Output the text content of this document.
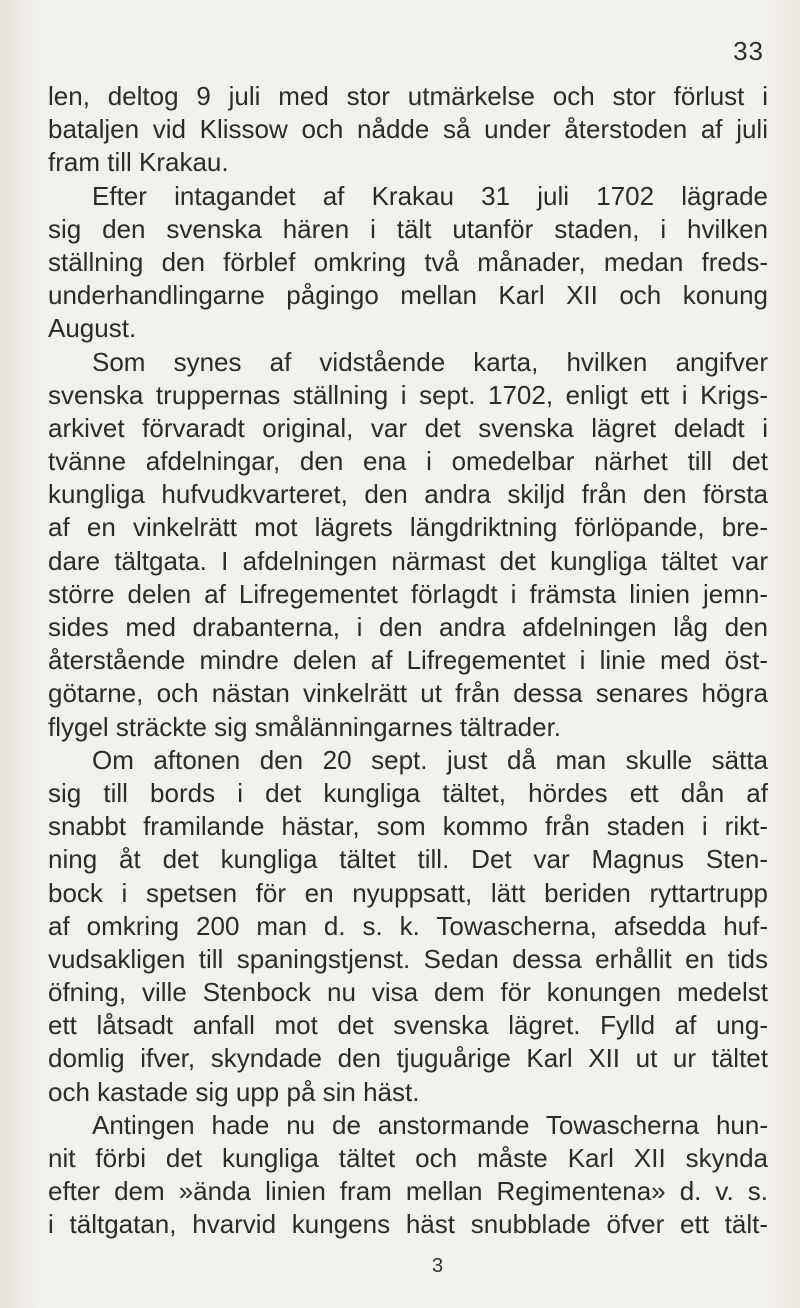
33
len, deltog 9 juli med stor utmärkelse och stor förlust i
bataljen vid Klissow och nådde så under återstoden af juli
fram till Krakau.
Efter intagandet af Krakau 31 juli 1702 lägrade
sig den svenska hären i tält utanför staden, i hvilken
ställning den förblef omkring två månader, medan freds-
underhandlingarne pågingo mellan Karl XII och konung
August.
Som synes af vidstående karta, hvilken angifver
svenska truppernas ställning i sept. 1702, enligt ett i Krigs-
arkivet förvaradt original, var det svenska lägret deladt i
tvänne afdelningar, den ena i omedelbar närhet till det
kungliga hufvudkvarteret, den andra skiljd från den första
af en vinkelrätt mot lägrets längdriktning förlöpande, bre-
dare tältgata. I afdelningen närmast det kungliga tältet var
större delen af Lifregementet förlagdt i främsta linien jemn-
sides med drabanterna, i den andra afdelningen låg den
återstående mindre delen af Lifregementet i linie med öst-
götarne, och nästan vinkelrätt ut från dessa senares högra
flygel sträckte sig smålänningarnes tältrader.
Om aftonen den 20 sept. just då man skulle sätta
sig till bords i det kungliga tältet, hördes ett dån af
snabbt framilande hästar, som kommo från staden i rikt-
ning åt det kungliga tältet till. Det var Magnus Sten-
bock i spetsen för en nyuppsatt, lätt beriden ryttartrupp
af omkring 200 man d. s. k. Towascherna, afsedda huf-
vudsakligen till spaningstjenst. Sedan dessa erhållit en tids
öfning, ville Stenbock nu visa dem för konungen medelst
ett låtsadt anfall mot det svenska lägret. Fylld af ung-
domlig ifver, skyndade den tjuguårige Karl XII ut ur tältet
och kastade sig upp på sin häst.
Antingen hade nu de anstormande Towascherna hun-
nit förbi det kungliga tältet och måste Karl XII skynda
efter dem »ända linien fram mellan Regimentena» d. v. s.
i tältgatan, hvarvid kungens häst snubblade öfver ett tält-
3
